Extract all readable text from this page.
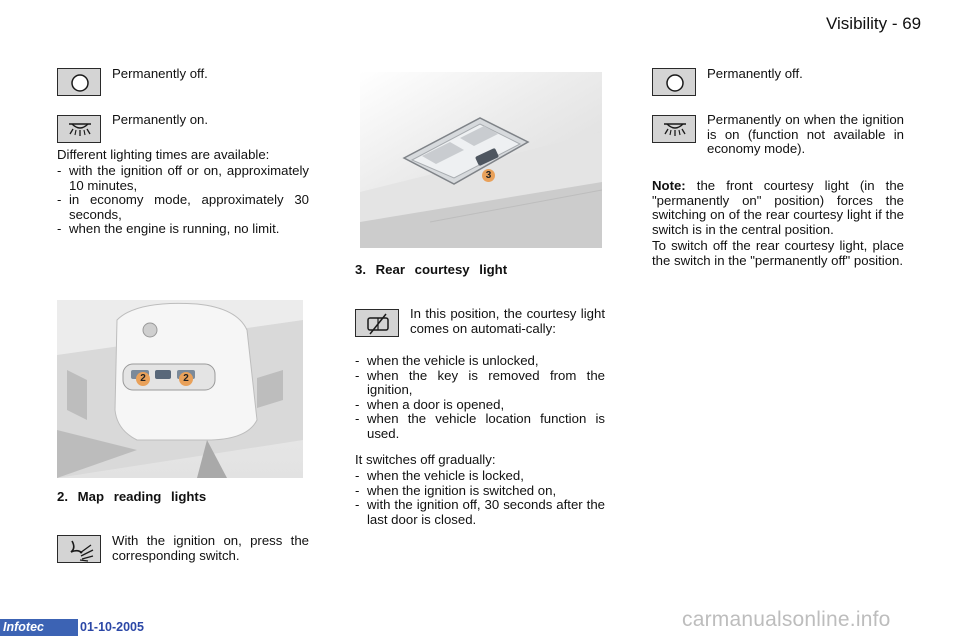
Visibility - 69
Permanently off.
Permanently on.
Different lighting times are available:
- with the ignition off or on, approximately 10 minutes,
- in economy mode, approximately 30 seconds,
- when the engine is running, no limit.
2	2
2. Map reading lights
With the ignition on, press the corresponding switch.
3
3. Rear courtesy light
In this position, the courtesy light comes on automati-cally:
- when the vehicle is unlocked,
- when the key is removed from the ignition,
- when a door is opened,
- when the vehicle location function is used.
It switches off gradually:
- when the vehicle is locked,
- when the ignition is switched on,
- with the ignition off, 30 seconds after the last door is closed.
Permanently off.
Permanently on when the ignition is on (function not available in economy mode).
Note: the front courtesy light (in the "permanently on" position) forces the switching on of the rear courtesy light if the switch is in the central position.
To switch off the rear courtesy light, place the switch in the "permanently off" position.
Infotec	01-10-2005	carmanualsonline.info
